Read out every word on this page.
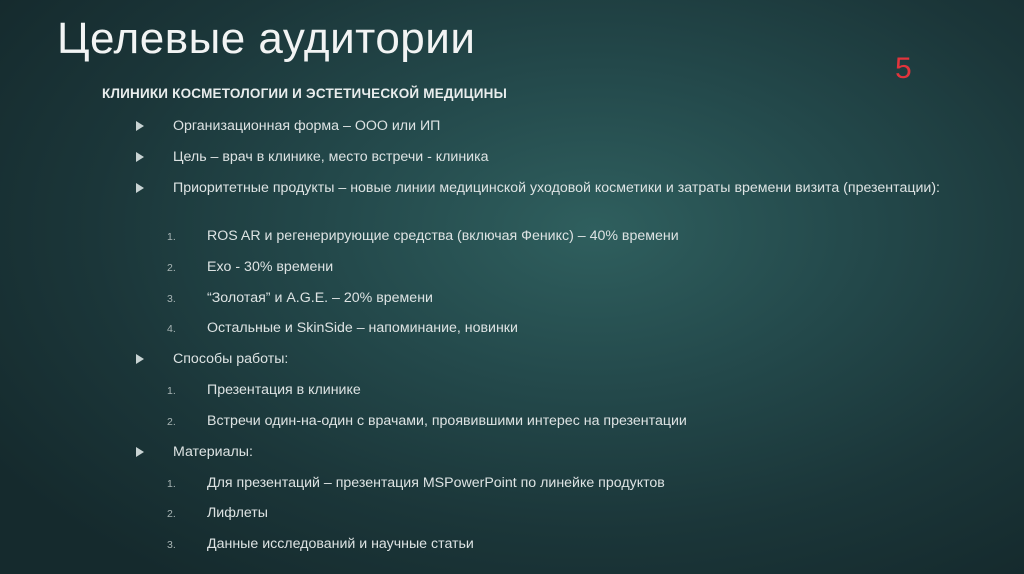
Целевые аудитории
5
КЛИНИКИ КОСМЕТОЛОГИИ И ЭСТЕТИЧЕСКОЙ МЕДИЦИНЫ
Организационная форма – ООО или ИП
Цель – врач в клинике, место встречи - клиника
Приоритетные продукты – новые линии медицинской уходовой косметики и затраты времени визита (презентации):
1. ROS AR и регенерирующие средства (включая Феникс) – 40% времени
2. Exo - 30% времени
3. “Золотая” и A.G.E. – 20% времени
4. Остальные и SkinSide – напоминание, новинки
Способы работы:
1. Презентация в клинике
2. Встречи один-на-один с врачами, проявившими интерес на презентации
Материалы:
1. Для презентаций – презентация MSPowerPoint по линейке продуктов
2. Лифлеты
3. Данные исследований и научные статьи
